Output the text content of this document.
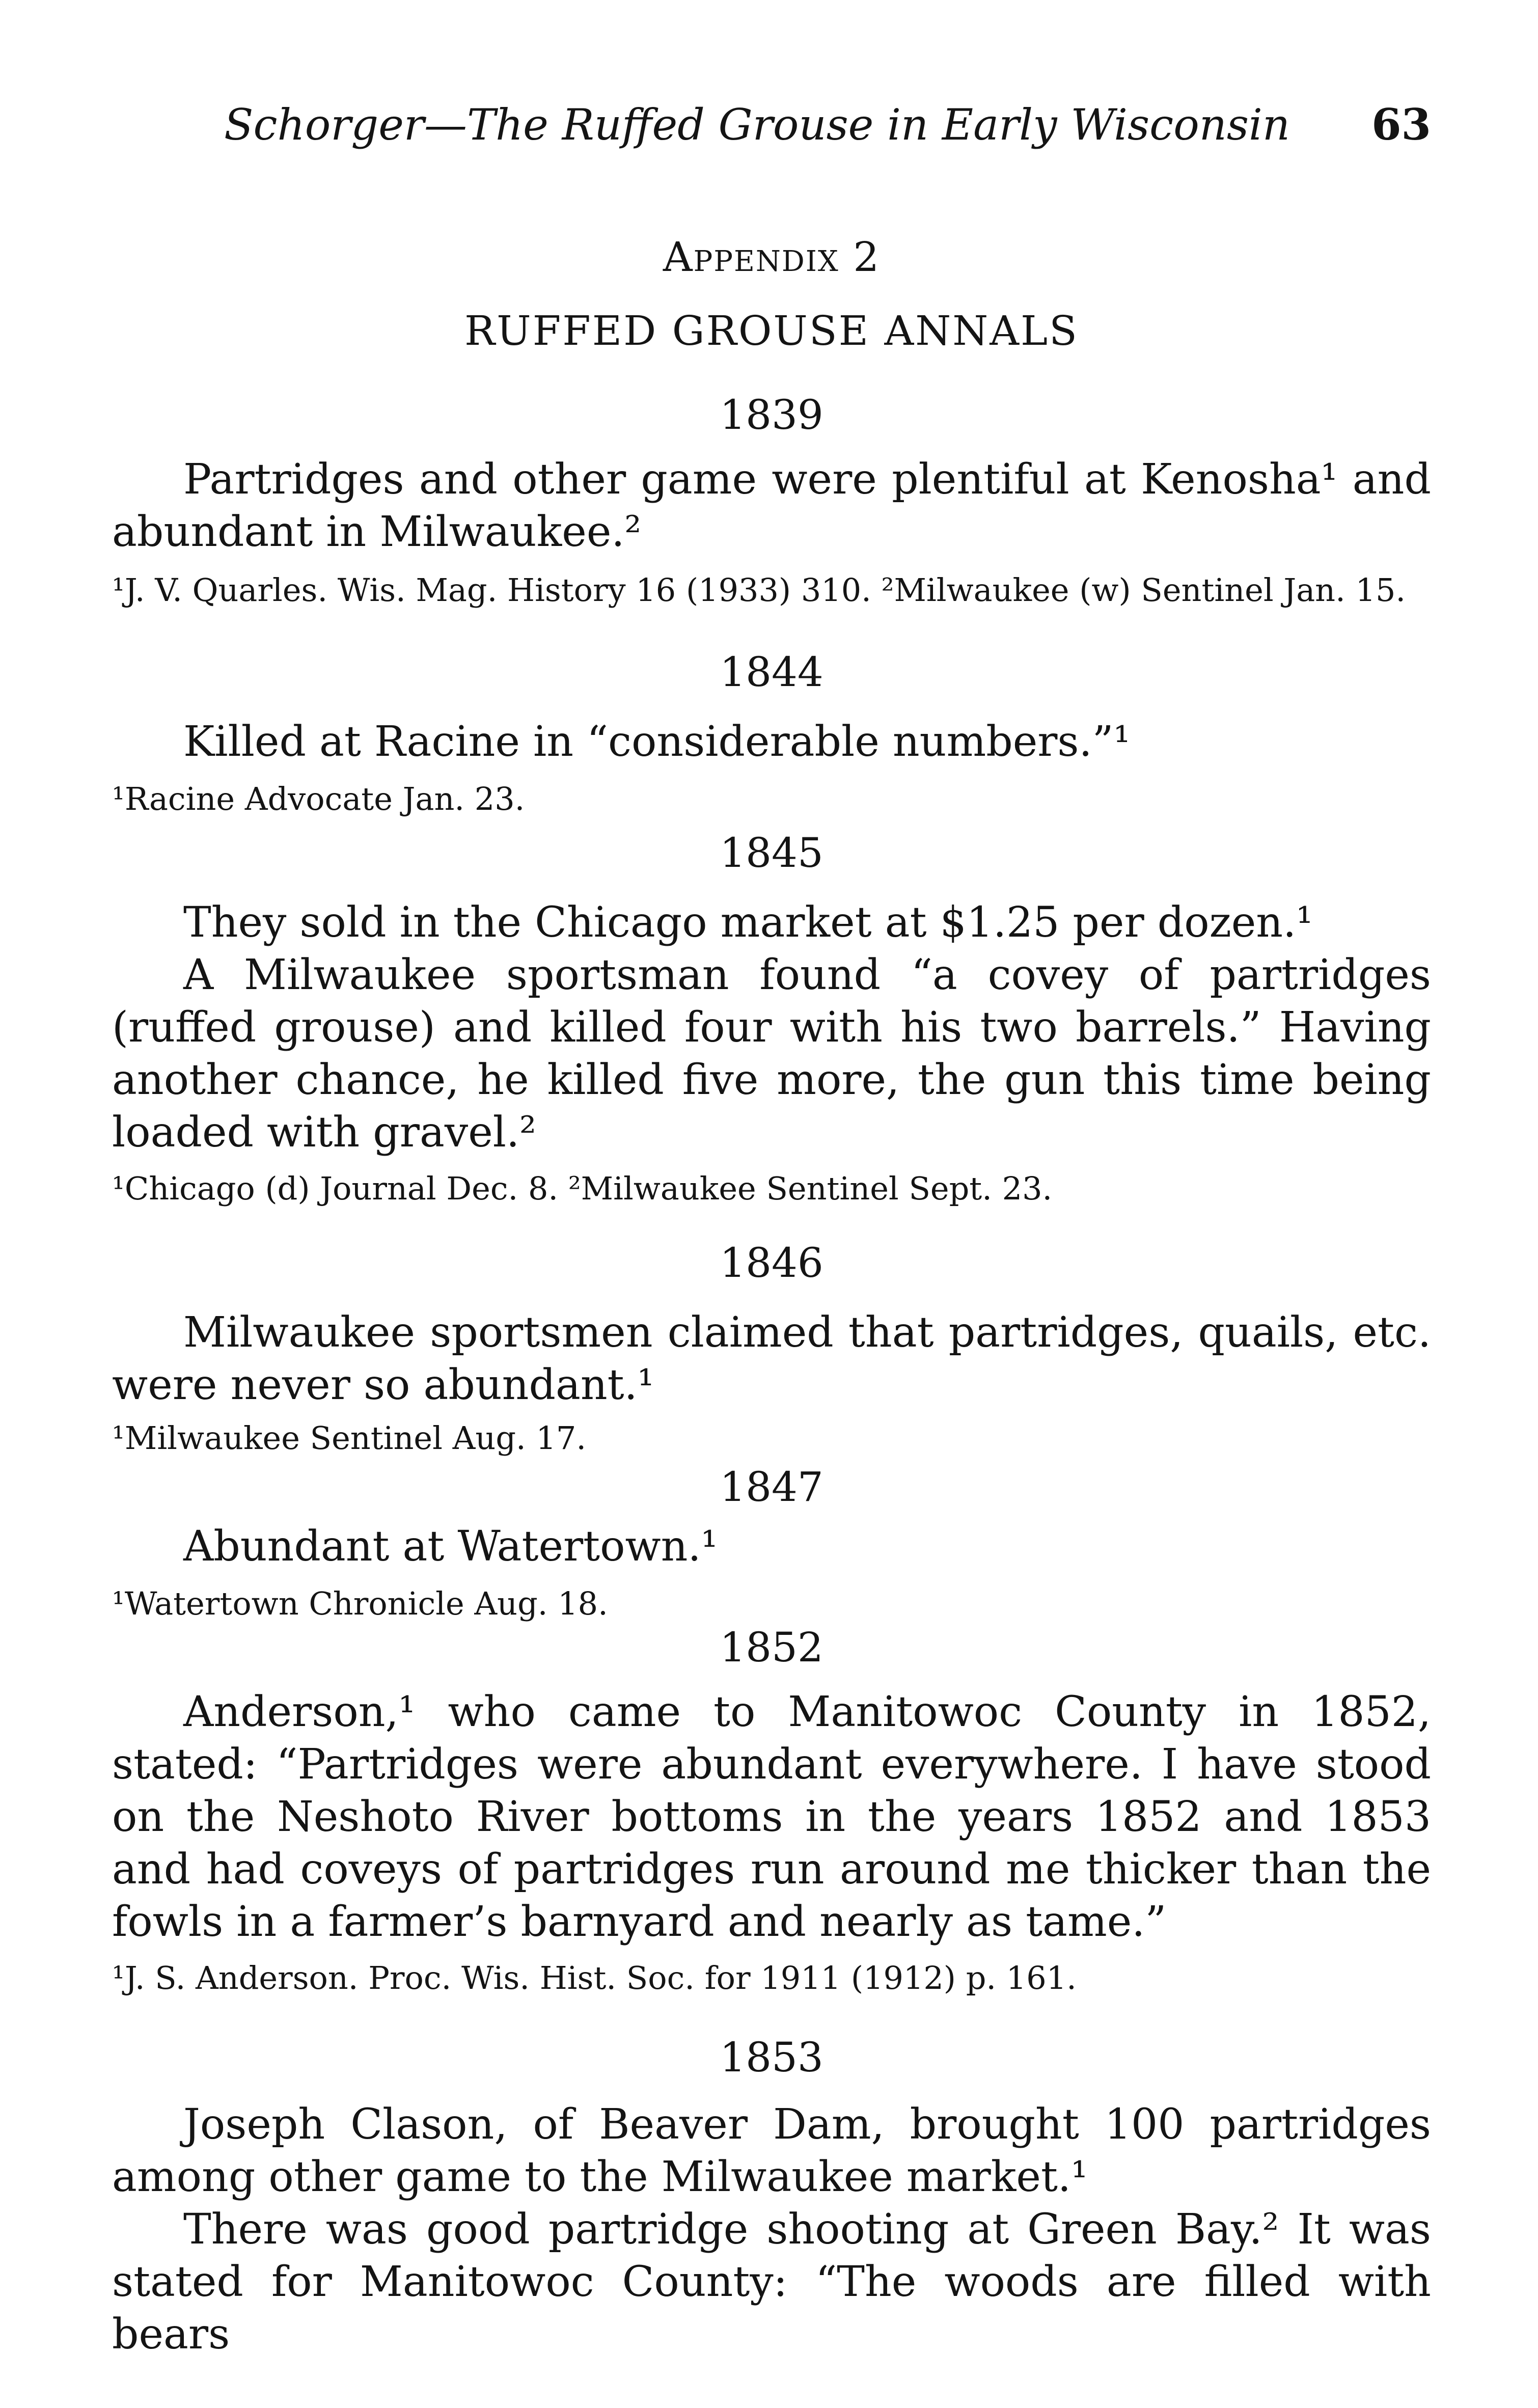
Schorger—The Ruffed Grouse in Early Wisconsin 63
Appendix 2
RUFFED GROUSE ANNALS
1839
Partridges and other game were plentiful at Kenosha¹ and abundant in Milwaukee.²
¹J. V. Quarles. Wis. Mag. History 16 (1933) 310. ²Milwaukee (w) Sentinel Jan. 15.
1844
Killed at Racine in “considerable numbers.”¹
¹Racine Advocate Jan. 23.
1845
They sold in the Chicago market at $1.25 per dozen.¹
A Milwaukee sportsman found “a covey of partridges (ruffed grouse) and killed four with his two barrels.” Having another chance, he killed five more, the gun this time being loaded with gravel.²
¹Chicago (d) Journal Dec. 8. ²Milwaukee Sentinel Sept. 23.
1846
Milwaukee sportsmen claimed that partridges, quails, etc. were never so abundant.¹
¹Milwaukee Sentinel Aug. 17.
1847
Abundant at Watertown.¹
¹Watertown Chronicle Aug. 18.
1852
Anderson,¹ who came to Manitowoc County in 1852, stated: “Partridges were abundant everywhere. I have stood on the Neshoto River bottoms in the years 1852 and 1853 and had coveys of partridges run around me thicker than the fowls in a farmer’s barnyard and nearly as tame.”
¹J. S. Anderson. Proc. Wis. Hist. Soc. for 1911 (1912) p. 161.
1853
Joseph Clason, of Beaver Dam, brought 100 partridges among other game to the Milwaukee market.¹
There was good partridge shooting at Green Bay.² It was stated for Manitowoc County: “The woods are filled with bears
